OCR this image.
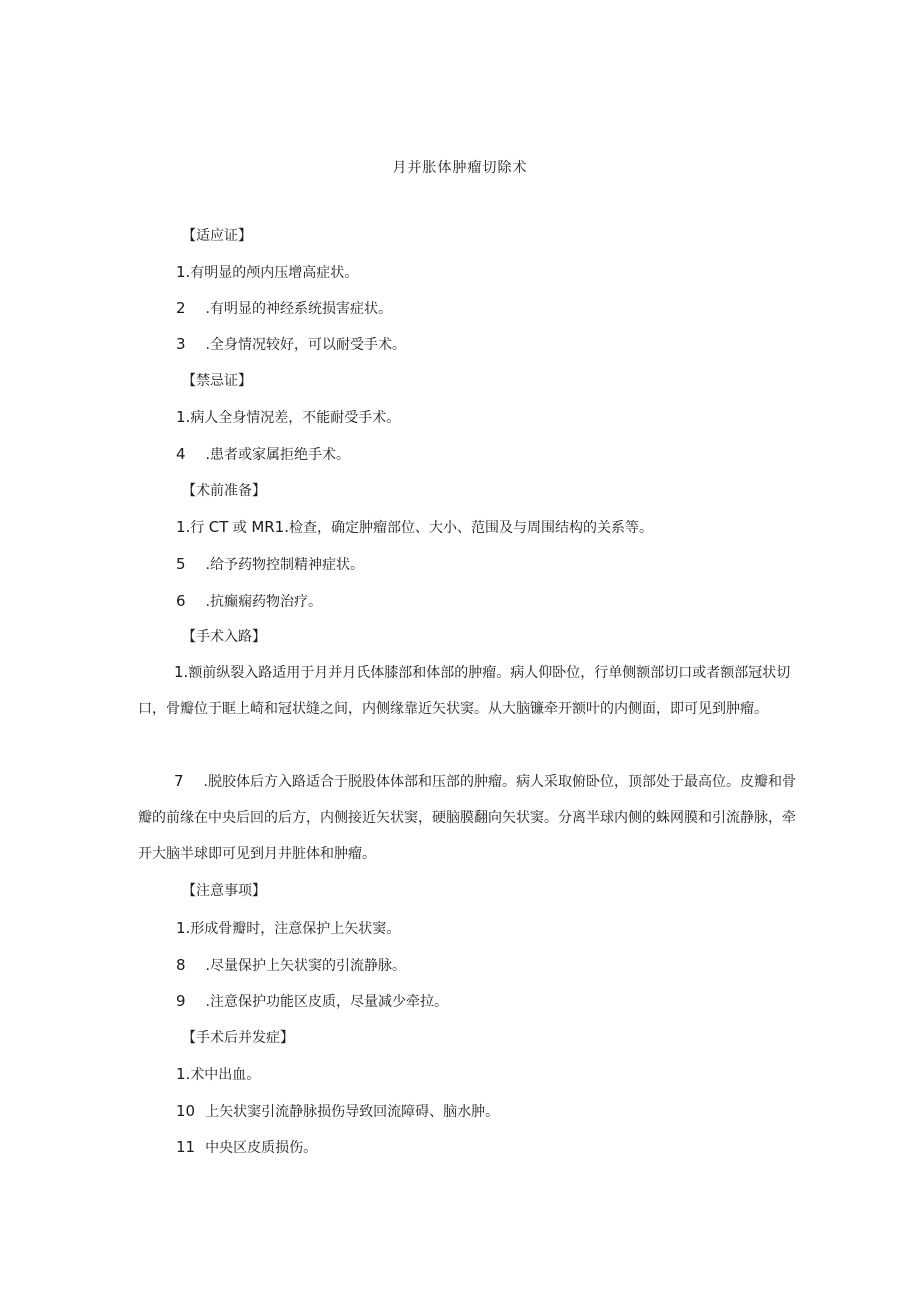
月并胀体肿瘤切除术
【适应证】
1.有明显的颅内压增高症状。
2 .有明显的神经系统损害症状。
3 .全身情况较好，可以耐受手术。
【禁忌证】
1.病人全身情况差，不能耐受手术。
4 .患者或家属拒绝手术。
【术前准备】
1.行 CT 或 MR1.检查，确定肿瘤部位、大小、范围及与周围结构的关系等。
5 .给予药物控制精神症状。
6 .抗癫痫药物治疗。
【手术入路】
1.额前纵裂入路适用于月并月氏体膝部和体部的肿瘤。病人仰卧位，行单侧额部切口或者额部冠状切口，骨瓣位于眶上崎和冠状缝之间，内侧缘靠近矢状窦。从大脑镰牵开额叶的内侧面，即可见到肿瘤。
7 .脱胶体后方入路适合于脱股体体部和压部的肿瘤。病人采取俯卧位，顶部处于最高位。皮瓣和骨瓣的前缘在中央后回的后方，内侧接近矢状窦，硬脑膜翻向矢状窦。分离半球内侧的蛛网膜和引流静脉，牵开大脑半球即可见到月井脏体和肿瘤。
【注意事项】
1.形成骨瓣时，注意保护上矢状窦。
8 .尽量保护上矢状窦的引流静脉。
9 .注意保护功能区皮质，尽量减少牵拉。
【手术后并发症】
1.术中出血。
10 上矢状窦引流静脉损伤导致回流障碍、脑水肿。
11 中央区皮质损伤。
